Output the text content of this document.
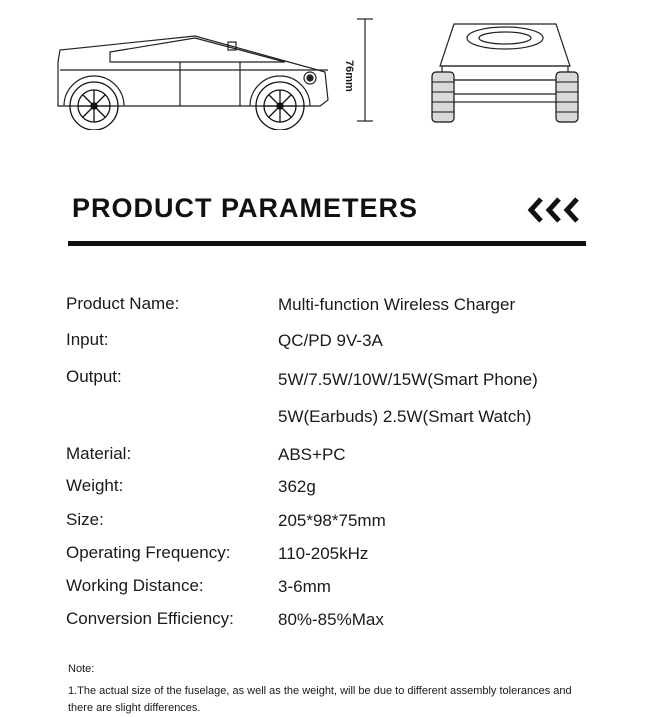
76mm
PRODUCT PARAMETERS
Product Name:	Multi-function Wireless Charger
Input:	QC/PD 9V-3A
Output:	5W/7.5W/10W/15W(Smart Phone)
5W(Earbuds) 2.5W(Smart Watch)
Material:	ABS+PC
Weight:	362g
Size:	205*98*75mm
Operating Frequency:	110-205kHz
Working Distance:	3-6mm
Conversion Efficiency:	80%-85%Max
Note:
1.The actual size of the fuselage, as well as the weight, will be due to different assembly tolerances and there are slight differences.
